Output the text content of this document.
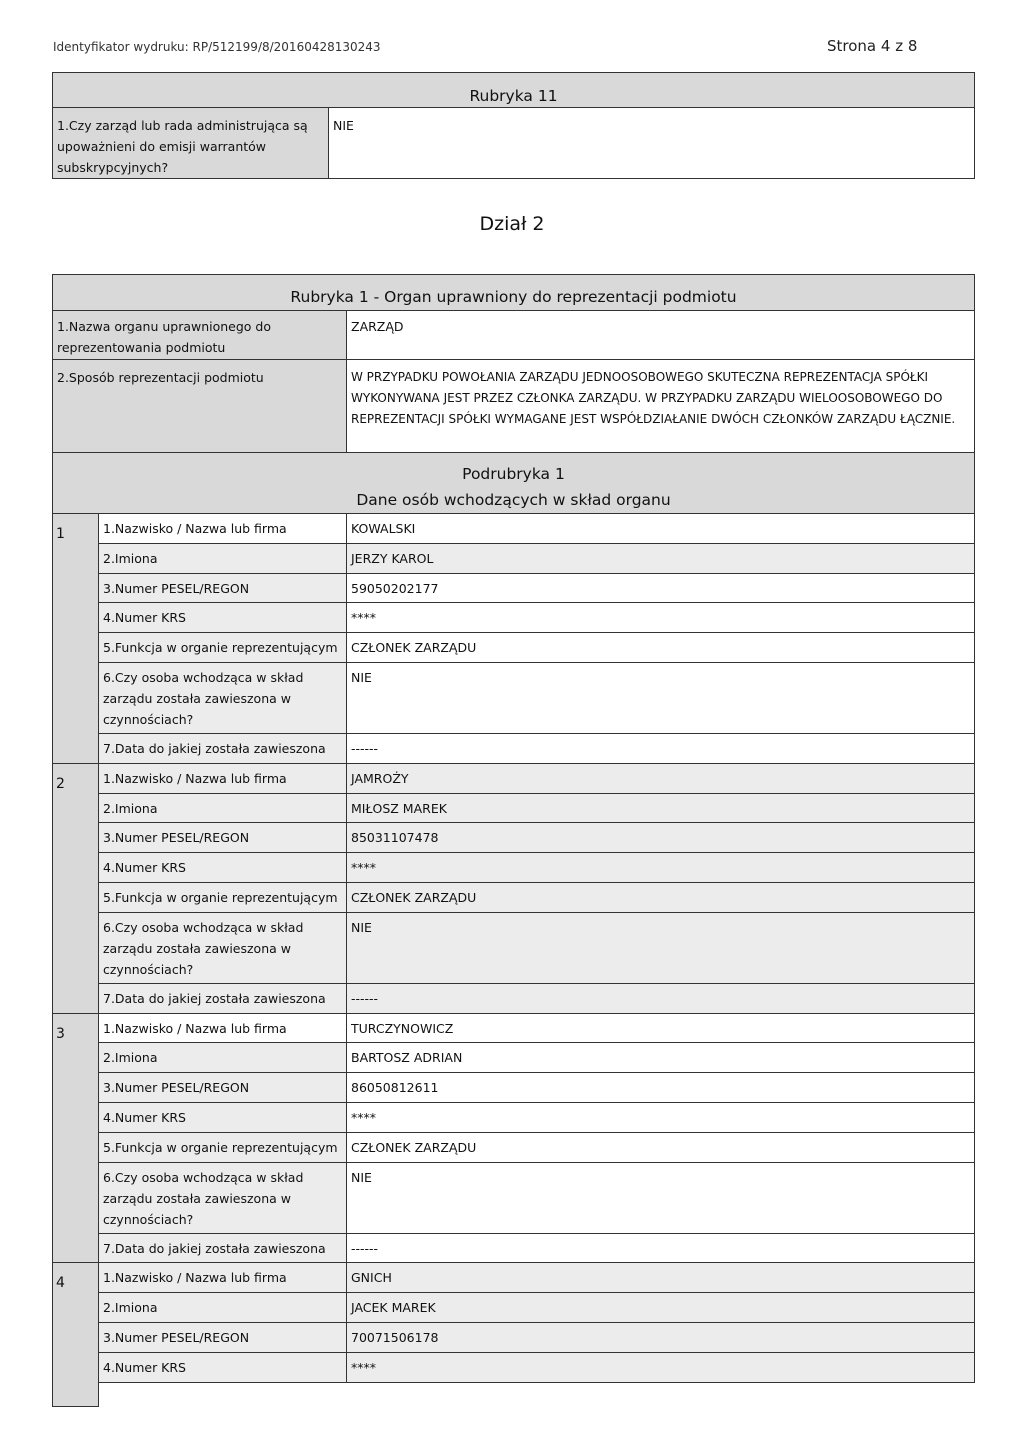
Identyfikator wydruku: RP/512199/8/20160428130243	Strona 4 z 8
Rubryka 11
1.Czy zarząd lub rada administrująca są upoważnieni do emisji warrantów subskrypcyjnych?	NIE
Dział 2
Rubryka 1 - Organ uprawniony do reprezentacji podmiotu		
1.Nazwa organu uprawnionego do reprezentowania podmiotu		ZARZĄD
2.Sposób reprezentacji podmiotu		W PRZYPADKU POWOŁANIA ZARZĄDU JEDNOOSOBOWEGO SKUTECZNA REPREZENTACJA SPÓŁKI WYKONYWANA JEST PRZEZ CZŁONKA ZARZĄDU. W PRZYPADKU ZARZĄDU WIELOOSOBOWEGO DO REPREZENTACJI SPÓŁKI WYMAGANE JEST WSPÓŁDZIAŁANIE DWÓCH CZŁONKÓW ZARZĄDU ŁĄCZNIE.

Podrubryka 1
Dane osób wchodzących w skład organu		

1	1.Nazwisko / Nazwa lub firma	KOWALSKI
	2.Imiona	JERZY KAROL
	3.Numer PESEL/REGON	59050202177
	4.Numer KRS	****
	5.Funkcja w organie reprezentującym	CZŁONEK ZARZĄDU
	6.Czy osoba wchodząca w skład zarządu została zawieszona w czynnościach?	NIE
	7.Data do jakiej została zawieszona	------
2	1.Nazwisko / Nazwa lub firma	JAMROŻY
	2.Imiona	MIŁOSZ MAREK
	3.Numer PESEL/REGON	85031107478
	4.Numer KRS	****
	5.Funkcja w organie reprezentującym	CZŁONEK ZARZĄDU
	6.Czy osoba wchodząca w skład zarządu została zawieszona w czynnościach?	NIE
	7.Data do jakiej została zawieszona	------
3	1.Nazwisko / Nazwa lub firma	TURCZYNOWICZ
	2.Imiona	BARTOSZ ADRIAN
	3.Numer PESEL/REGON	86050812611
	4.Numer KRS	****
	5.Funkcja w organie reprezentującym	CZŁONEK ZARZĄDU
	6.Czy osoba wchodząca w skład zarządu została zawieszona w czynnościach?	NIE
	7.Data do jakiej została zawieszona	------
4	1.Nazwisko / Nazwa lub firma	GNICH
	2.Imiona	JACEK MAREK
	3.Numer PESEL/REGON	70071506178
	4.Numer KRS	****
